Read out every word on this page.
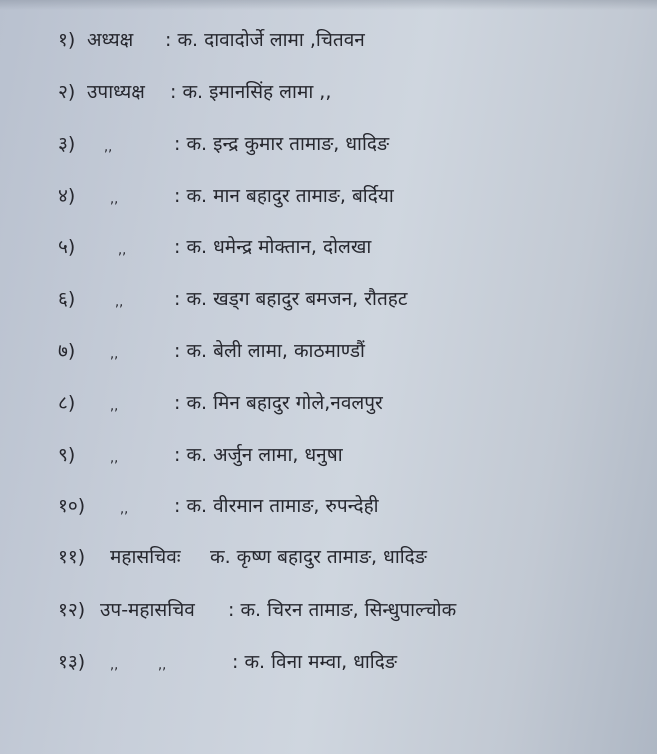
१) अध्यक्ष : क. दावादोर्जे लामा ,चितवन
२) उपाध्यक्ष : क. इमानसिंह लामा ,,
३) ,,	: क. इन्द्र कुमार तामाङ, धादिङ
४)	,,	: क. मान बहादुर तामाङ, बर्दिया
५)	,,	: क. धमेन्द्र मोक्तान, दोलखा
६)	,,	: क. खड्ग बहादुर बमजन, रौतहट
७)	,,	: क. बेली लामा, काठमाण्डौं
८)	,,	: क. मिन बहादुर गोले,नवलपुर
९)	,,	: क. अर्जुन लामा, धनुषा
१०)	,, : क. वीरमान तामाङ, रुपन्देही
११) महासचिवः क. कृष्ण बहादुर तामाङ, धादिङ
१२) उप-महासचिव : क. चिरन तामाङ, सिन्धुपाल्चोक
१३) ,,	,,	: क. विना मम्वा, धादिङ
